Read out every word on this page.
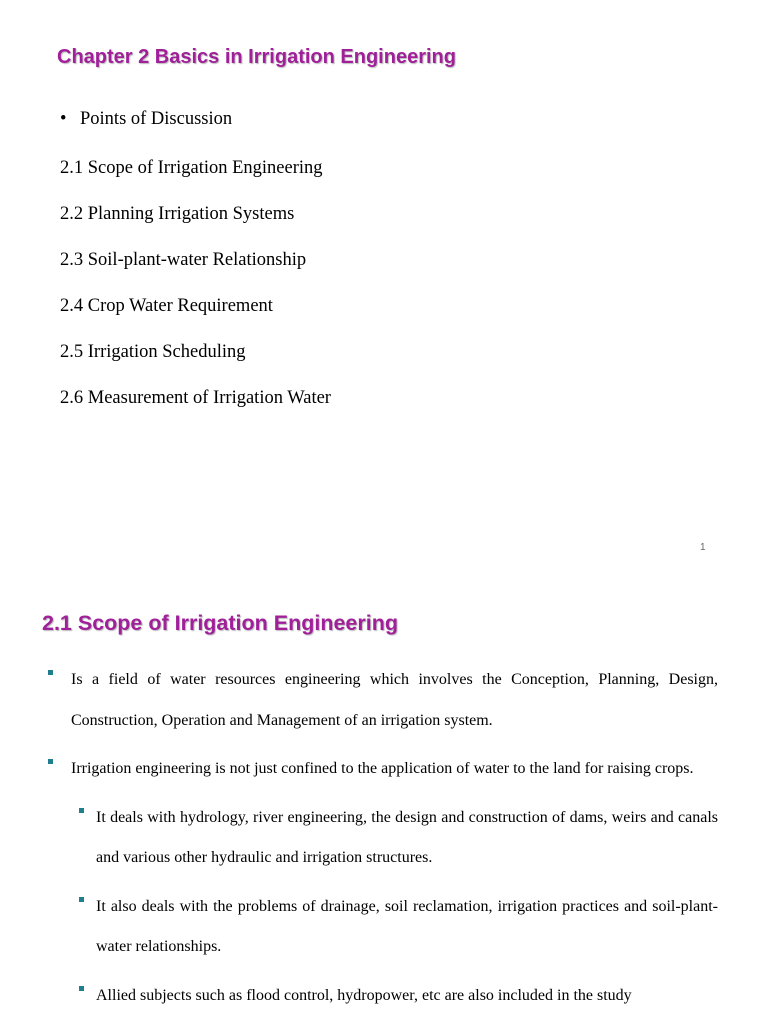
Chapter 2 Basics in Irrigation Engineering
• Points of Discussion
2.1 Scope of Irrigation Engineering
2.2 Planning Irrigation Systems
2.3 Soil-plant-water Relationship
2.4 Crop Water Requirement
2.5 Irrigation Scheduling
2.6 Measurement of Irrigation Water
1
2.1 Scope of Irrigation Engineering
Is a field of water resources engineering which involves the Conception, Planning, Design, Construction, Operation and Management of an irrigation system.
Irrigation engineering is not just confined to the application of water to the land for raising crops.
It deals with hydrology, river engineering, the design and construction of dams, weirs and canals and various other hydraulic and irrigation structures.
It also deals with the problems of drainage, soil reclamation, irrigation practices and soil-plant-water relationships.
Allied subjects such as flood control, hydropower, etc are also included in the study
